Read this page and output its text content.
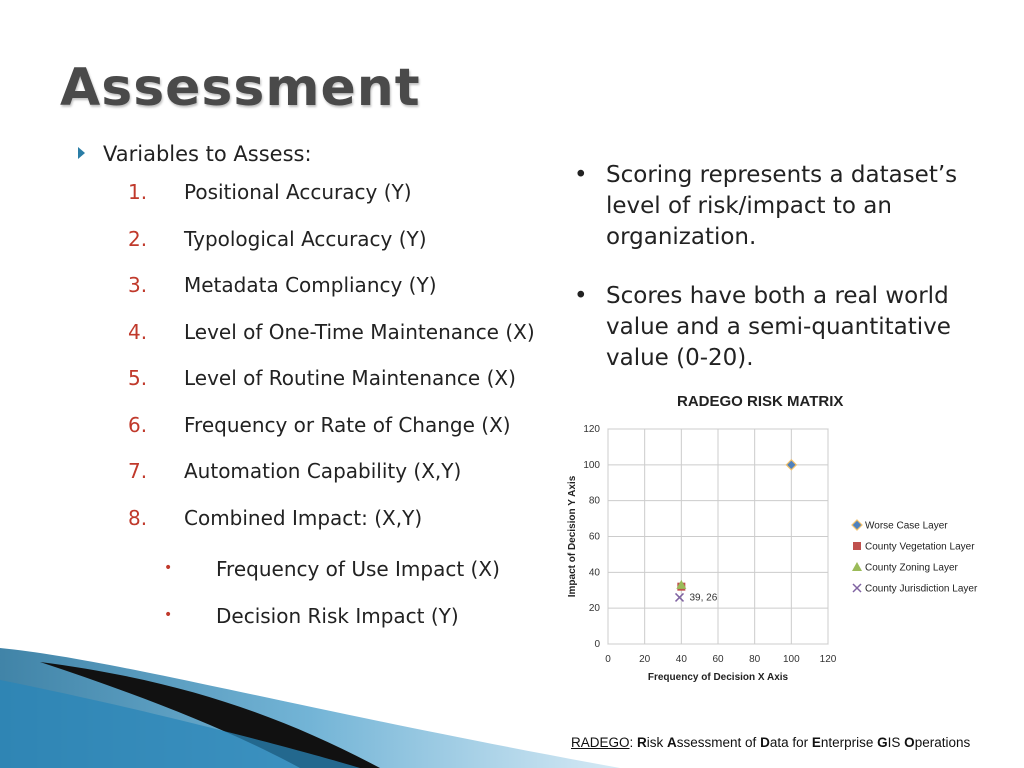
Assessment
Variables to Assess:
1.	Positional Accuracy (Y)
2.	Typological Accuracy (Y)
3.	Metadata Compliancy (Y)
4.	Level of One-Time Maintenance (X)
5.	Level of Routine Maintenance (X)
6.	Frequency or Rate of Change (X)
7.	Automation Capability (X,Y)
8.	Combined Impact: (X,Y)
•	Frequency of Use Impact (X)
•	Decision Risk Impact (Y)
• Scoring represents a dataset’s level of risk/impact to an organization.
• Scores have both a real world value and a semi-quantitative value (0-20).
RADEGO RISK MATRIX
0	20	40	60	80 100 120
0
20
40
60
80
100
120
Frequency of Decision X Axis
Impact of Decision Y Axis
39, 26
Worse Case Layer
County Vegetation Layer
County Zoning Layer
County Jurisdiction Layer
RADEGO: Risk Assessment of Data for Enterprise GIS Operations
